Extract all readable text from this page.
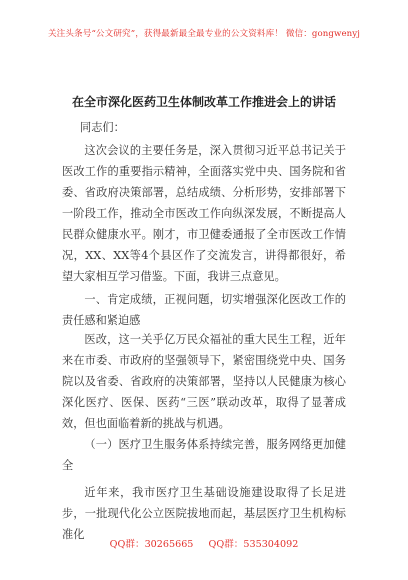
关注头条号“公文研究”，获得最新最全最专业的公文资料库！ 微信：gongwenyj
在全市深化医药卫生体制改革工作推进会上的讲话
同志们：

这次会议的主要任务是，深入贯彻习近平总书记关于医改工作的重要指示精神，全面落实党中央、国务院和省委、省政府决策部署，总结成绩、分析形势，安排部署下一阶段工作，推动全市医改工作向纵深发展，不断提高人民群众健康水平。刚才，市卫健委通报了全市医改工作情况，XX、XX等4个县区作了交流发言，讲得都很好，希望大家相互学习借鉴。下面，我讲三点意见。

一、肯定成绩，正视问题，切实增强深化医改工作的责任感和紧迫感

医改，这一关乎亿万民众福祉的重大民生工程，近年来在市委、市政府的坚强领导下，紧密围绕党中央、国务院以及省委、省政府的决策部署，坚持以人民健康为核心深化医疗、医保、医药“三医”联动改革，取得了显著成效，但也面临着新的挑战与机遇。

（一）医疗卫生服务体系持续完善，服务网络更加健全

近年来，我市医疗卫生基础设施建设取得了长足进步，一批现代化公立医院拔地而起，基层医疗卫生机构标准化

QQ群：30265665 QQ群：535304092
